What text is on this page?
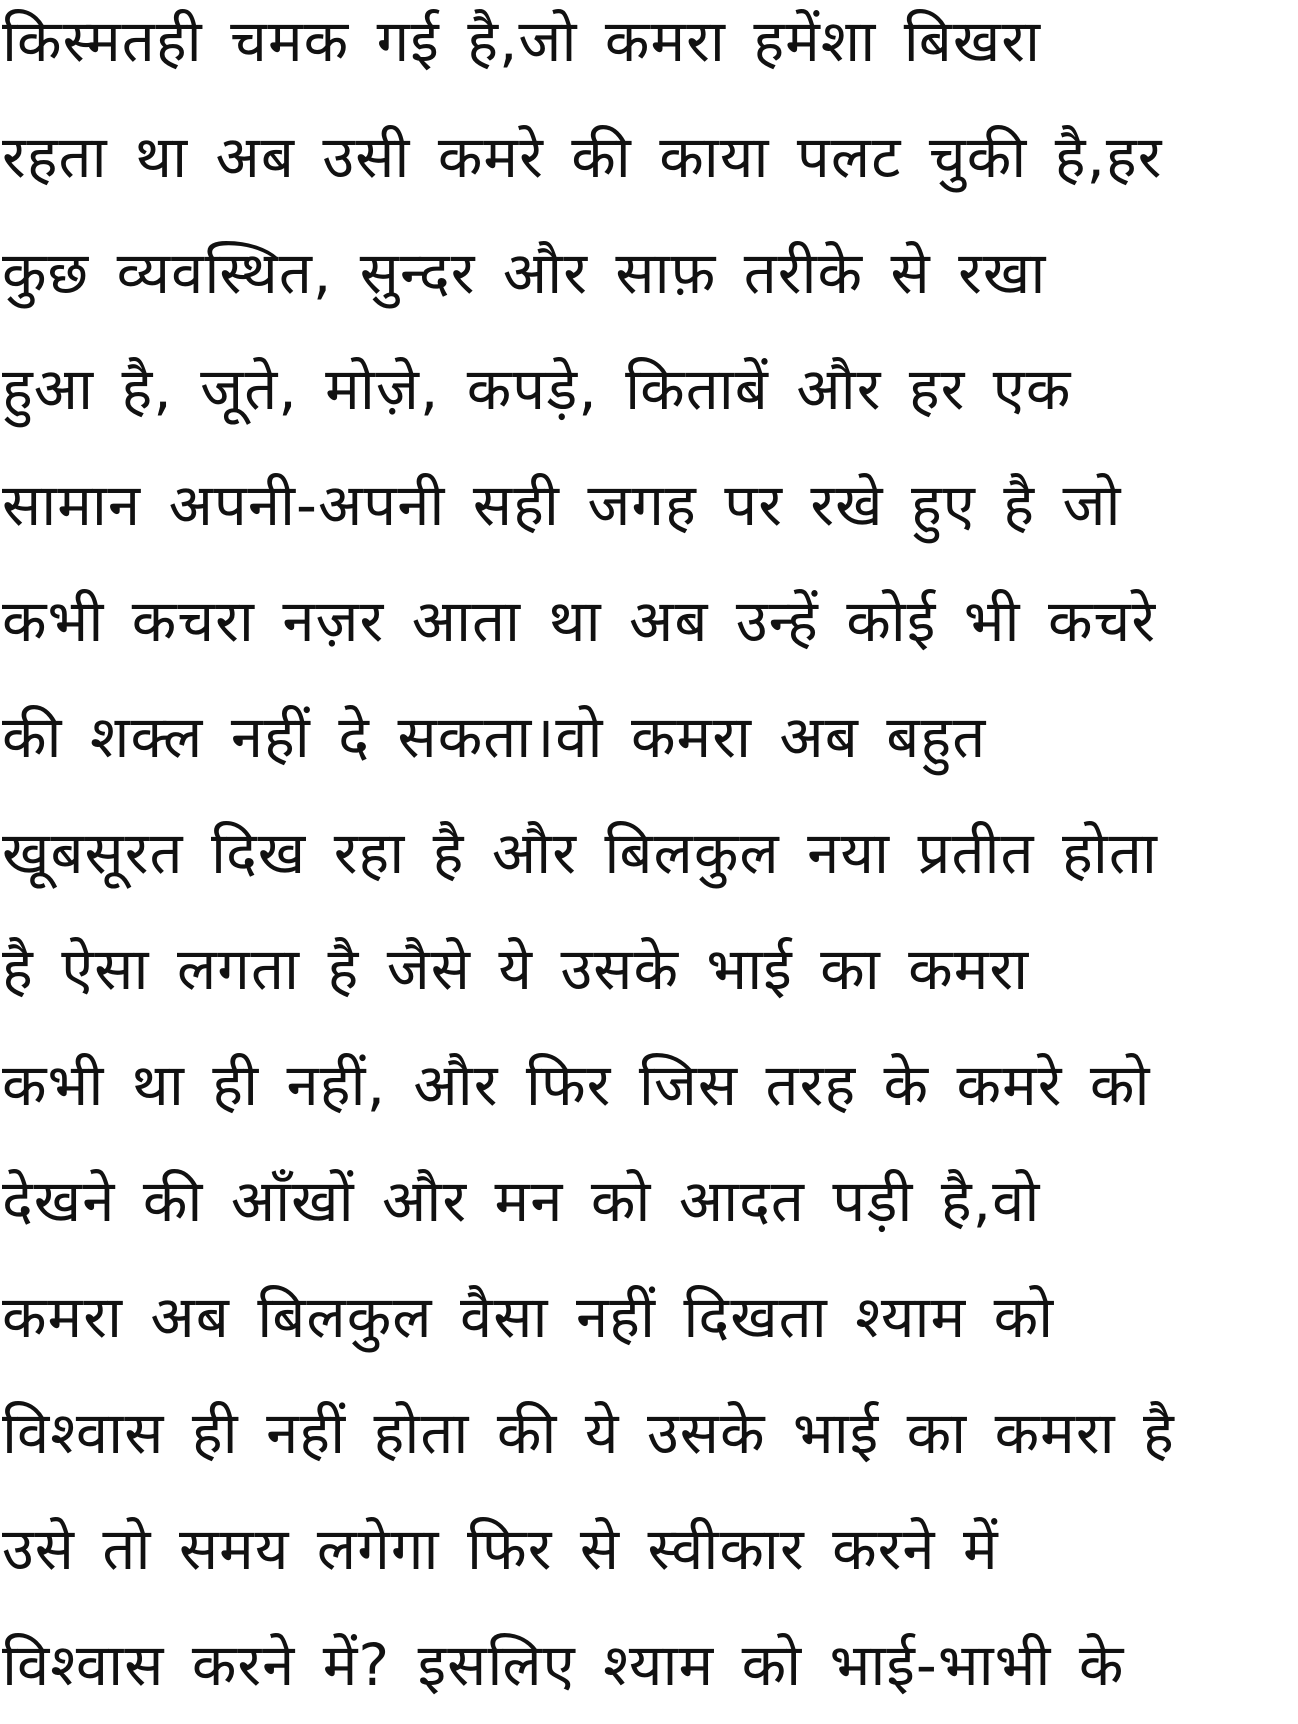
किस्मतही चमक गई है,जो कमरा हमेंशा बिखरा

रहता था अब उसी कमरे की काया पलट चुकी है,हर

कुछ व्यवस्थित, सुन्दर और साफ़ तरीके से रखा

हुआ है, जूते, मोज़े, कपड़े, किताबें और हर एक

सामान अपनी-अपनी सही जगह पर रखे हुए है जो

कभी कचरा नज़र आता था अब उन्हें कोई भी कचरे

की शक्ल नहीं दे सकता।वो कमरा अब बहुत

खूबसूरत दिख रहा है और बिलकुल नया प्रतीत होता

है ऐसा लगता है जैसे ये उसके भाई का कमरा

कभी था ही नहीं, और फिर जिस तरह के कमरे को

देखने की आँखों और मन को आदत पड़ी है,वो

कमरा अब बिलकुल वैसा नहीं दिखता श्याम को

विश्वास ही नहीं होता की ये उसके भाई का कमरा है

उसे तो समय लगेगा फिर से स्वीकार करने में

विश्वास करने में? इसलिए श्याम को भाई-भाभी के
